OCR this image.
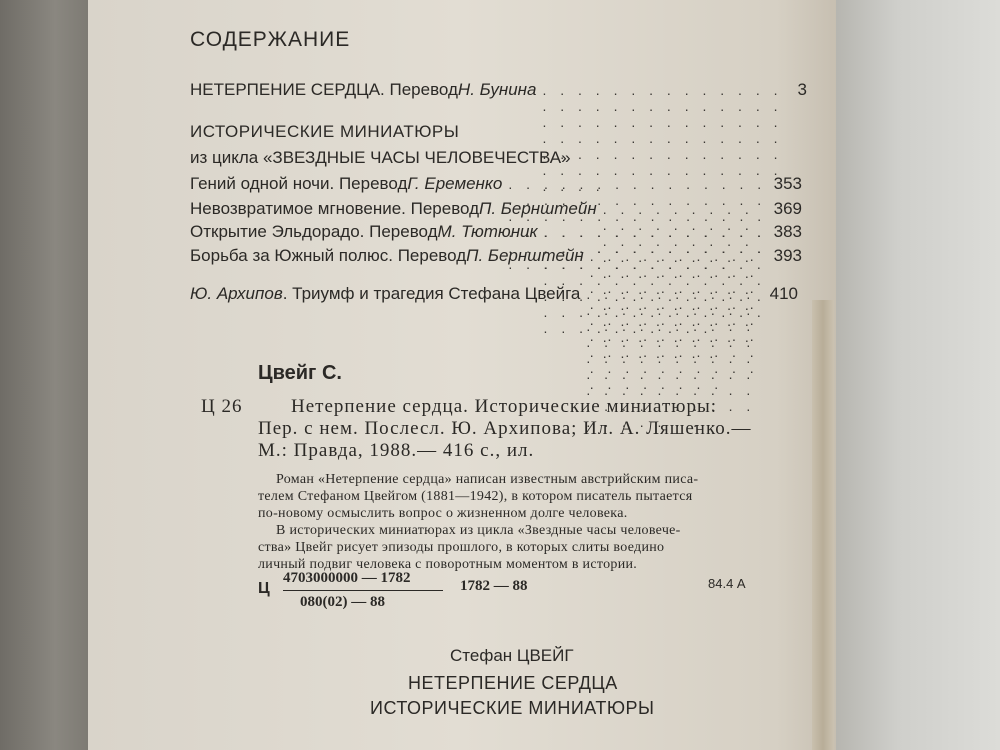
СОДЕРЖАНИЕ
НЕТЕРПЕНИЕ СЕРДЦА. Перевод Н. Бунина . . .	3
ИСТОРИЧЕСКИЕ МИНИАТЮРЫ
из цикла «ЗВЕЗДНЫЕ ЧАСЫ ЧЕЛОВЕЧЕСТВА»
Гений одной ночи. Перевод Г. Еременко . . .	353
Невозвратимое мгновение. Перевод П. Бернштейн . . .	369
Открытие Эльдорадо. Перевод М. Тютюник . . .	383
Борьба за Южный полюс. Перевод П. Бернштейн . . .	393
Ю. Архипов . Триумф и трагедия Стефана Цвейга . . .	410
Цвейг С.
Ц 26	Нетерпение сердца. Исторические миниатюры:
Пер. с нем. Послесл. Ю. Архипова; Ил. А. Ляшенко.—
М.: Правда, 1988.— 416 с., ил.
Роман «Нетерпение сердца» написан известным австрийским писа-
телем Стефаном Цвейгом (1881—1942), в котором писатель пытается
по-новому осмыслить вопрос о жизненном долге человека.
В исторических миниатюрах из цикла «Звездные часы человече-
ства» Цвейг рисует эпизоды прошлого, в которых слиты воедино
личный подвиг человека с поворотным моментом в истории.
Ц
4703000000 — 1782
080(02) — 88
1782 — 88	84.4 А
Стефан ЦВЕЙГ
НЕТЕРПЕНИЕ СЕРДЦА
ИСТОРИЧЕСКИЕ МИНИАТЮРЫ
